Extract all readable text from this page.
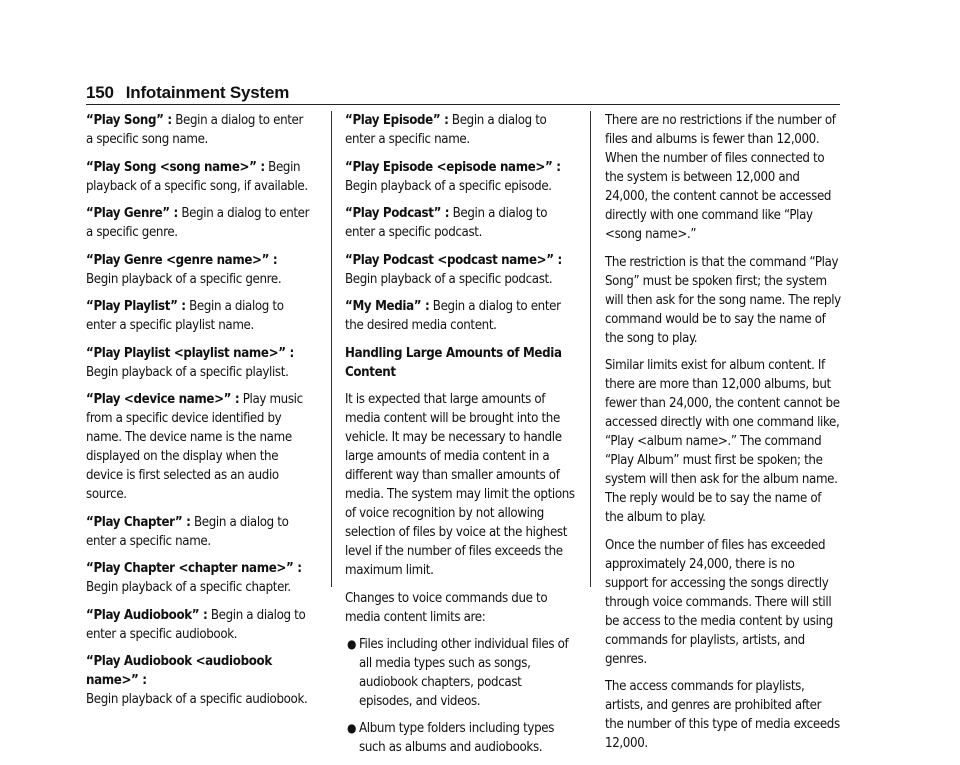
150 Infotainment System

“Play Song” : Begin a dialog to enter a specific song name.

“Play Song <song name>” : Begin playback of a specific song, if available.

“Play Genre” : Begin a dialog to enter a specific genre.

“Play Genre <genre name>” : Begin playback of a specific genre.

“Play Playlist” : Begin a dialog to enter a specific playlist name.

“Play Playlist <playlist name>” : Begin playback of a specific playlist.

“Play <device name>” : Play music from a specific device identified by name. The device name is the name displayed on the display when the device is first selected as an audio source.

“Play Chapter” : Begin a dialog to enter a specific name.

“Play Chapter <chapter name>” : Begin playback of a specific chapter.

“Play Audiobook” : Begin a dialog to enter a specific audiobook.

“Play Audiobook <audiobook name>” :
Begin playback of a specific audiobook.

“Play Episode” : Begin a dialog to enter a specific name.

“Play Episode <episode name>” : Begin playback of a specific episode.

“Play Podcast” : Begin a dialog to enter a specific podcast.

“Play Podcast <podcast name>” : Begin playback of a specific podcast.

“My Media” : Begin a dialog to enter the desired media content.

Handling Large Amounts of Media Content

It is expected that large amounts of media content will be brought into the vehicle. It may be necessary to handle large amounts of media content in a different way than smaller amounts of media. The system may limit the options of voice recognition by not allowing selection of files by voice at the highest level if the number of files exceeds the maximum limit.

Changes to voice commands due to media content limits are:

● Files including other individual files of all media types such as songs, audiobook chapters, podcast episodes, and videos.
● Album type folders including types such as albums and audiobooks.

There are no restrictions if the number of files and albums is fewer than 12,000. When the number of files connected to the system is between 12,000 and 24,000, the content cannot be accessed directly with one command like “Play <song name>.”

The restriction is that the command “Play Song” must be spoken first; the system will then ask for the song name. The reply command would be to say the name of the song to play.

Similar limits exist for album content. If there are more than 12,000 albums, but fewer than 24,000, the content cannot be accessed directly with one command like, “Play <album name>.” The command “Play Album” must first be spoken; the system will then ask for the album name. The reply would be to say the name of the album to play.

Once the number of files has exceeded approximately 24,000, there is no support for accessing the songs directly through voice commands. There will still be access to the media content by using commands for playlists, artists, and genres.

The access commands for playlists, artists, and genres are prohibited after the number of this type of media exceeds 12,000.
